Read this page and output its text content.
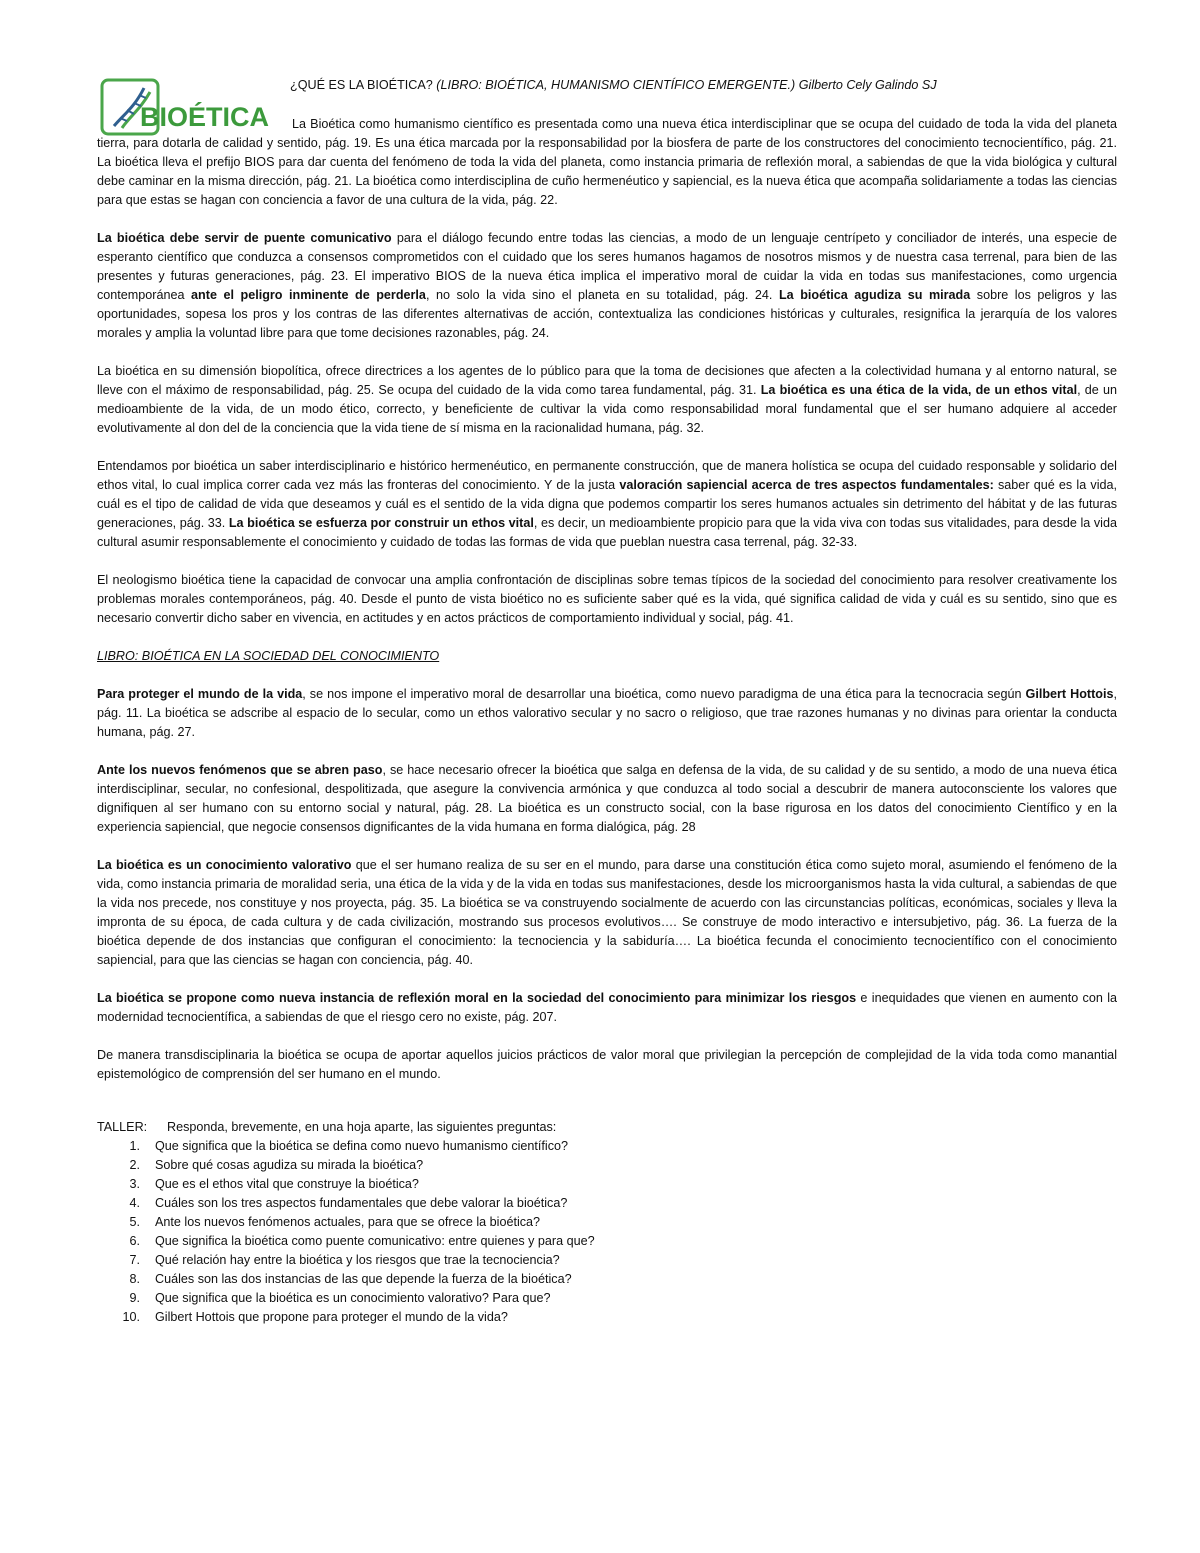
BIOÉTICA
¿QUÉ ES LA BIOÉTICA? (LIBRO: BIOÉTICA, HUMANISMO CIENTÍFICO EMERGENTE.) Gilberto Cely Galindo SJ

La Bioética como humanismo científico es presentada como una nueva ética interdisciplinar que se ocupa del cuidado de toda la vida del planeta tierra, para dotarla de calidad y sentido, pág. 19. Es una ética marcada por la responsabilidad por la biosfera de parte de los constructores del conocimiento tecnocientífico, pág. 21. La bioética lleva el prefijo BIOS para dar cuenta del fenómeno de toda la vida del planeta, como instancia primaria de reflexión moral, a sabiendas de que la vida biológica y cultural debe caminar en la misma dirección, pág. 21. La bioética como interdisciplina de cuño hermenéutico y sapiencial, es la nueva ética que acompaña solidariamente a todas las ciencias para que estas se hagan con conciencia a favor de una cultura de la vida, pág. 22.

La bioética debe servir de puente comunicativo para el diálogo fecundo entre todas las ciencias, a modo de un lenguaje centrípeto y conciliador de interés, una especie de esperanto científico que conduzca a consensos comprometidos con el cuidado que los seres humanos hagamos de nosotros mismos y de nuestra casa terrenal, para bien de las presentes y futuras generaciones, pág. 23. El imperativo BIOS de la nueva ética implica el imperativo moral de cuidar la vida en todas sus manifestaciones, como urgencia contemporánea ante el peligro inminente de perderla, no solo la vida sino el planeta en su totalidad, pág. 24. La bioética agudiza su mirada sobre los peligros y las oportunidades, sopesa los pros y los contras de las diferentes alternativas de acción, contextualiza las condiciones históricas y culturales, resignifica la jerarquía de los valores morales y amplia la voluntad libre para que tome decisiones razonables, pág. 24.

La bioética en su dimensión biopolítica, ofrece directrices a los agentes de lo público para que la toma de decisiones que afecten a la colectividad humana y al entorno natural, se lleve con el máximo de responsabilidad, pág. 25. Se ocupa del cuidado de la vida como tarea fundamental, pág. 31. La bioética es una ética de la vida, de un ethos vital, de un medioambiente de la vida, de un modo ético, correcto, y beneficiente de cultivar la vida como responsabilidad moral fundamental que el ser humano adquiere al acceder evolutivamente al don del de la conciencia que la vida tiene de sí misma en la racionalidad humana, pág. 32.

Entendamos por bioética un saber interdisciplinario e histórico hermenéutico, en permanente construcción, que de manera holística se ocupa del cuidado responsable y solidario del ethos vital, lo cual implica correr cada vez más las fronteras del conocimiento. Y de la justa valoración sapiencial acerca de tres aspectos fundamentales: saber qué es la vida, cuál es el tipo de calidad de vida que deseamos y cuál es el sentido de la vida digna que podemos compartir los seres humanos actuales sin detrimento del hábitat y de las futuras generaciones, pág. 33. La bioética se esfuerza por construir un ethos vital, es decir, un medioambiente propicio para que la vida viva con todas sus vitalidades, para desde la vida cultural asumir responsablemente el conocimiento y cuidado de todas las formas de vida que pueblan nuestra casa terrenal, pág. 32-33.

El neologismo bioética tiene la capacidad de convocar una amplia confrontación de disciplinas sobre temas típicos de la sociedad del conocimiento para resolver creativamente los problemas morales contemporáneos, pág. 40. Desde el punto de vista bioético no es suficiente saber qué es la vida, qué significa calidad de vida y cuál es su sentido, sino que es necesario convertir dicho saber en vivencia, en actitudes y en actos prácticos de comportamiento individual y social, pág. 41.

LIBRO: BIOÉTICA EN LA SOCIEDAD DEL CONOCIMIENTO

Para proteger el mundo de la vida, se nos impone el imperativo moral de desarrollar una bioética, como nuevo paradigma de una ética para la tecnocracia según Gilbert Hottois, pág. 11. La bioética se adscribe al espacio de lo secular, como un ethos valorativo secular y no sacro o religioso, que trae razones humanas y no divinas para orientar la conducta humana, pág. 27.

Ante los nuevos fenómenos que se abren paso, se hace necesario ofrecer la bioética que salga en defensa de la vida, de su calidad y de su sentido, a modo de una nueva ética interdisciplinar, secular, no confesional, despolitizada, que asegure la convivencia armónica y que conduzca al todo social a descubrir de manera autoconsciente los valores que dignifiquen al ser humano con su entorno social y natural, pág. 28. La bioética es un constructo social, con la base rigurosa en los datos del conocimiento Científico y en la experiencia sapiencial, que negocie consensos dignificantes de la vida humana en forma dialógica, pág. 28

La bioética es un conocimiento valorativo que el ser humano realiza de su ser en el mundo, para darse una constitución ética como sujeto moral, asumiendo el fenómeno de la vida, como instancia primaria de moralidad seria, una ética de la vida y de la vida en todas sus manifestaciones, desde los microorganismos hasta la vida cultural, a sabiendas de que la vida nos precede, nos constituye y nos proyecta, pág. 35. La bioética se va construyendo socialmente de acuerdo con las circunstancias políticas, económicas, sociales y lleva la impronta de su época, de cada cultura y de cada civilización, mostrando sus procesos evolutivos…. Se construye de modo interactivo e intersubjetivo, pág. 36. La fuerza de la bioética depende de dos instancias que configuran el conocimiento: la tecnociencia y la sabiduría…. La bioética fecunda el conocimiento tecnocientífico con el conocimiento sapiencial, para que las ciencias se hagan con conciencia, pág. 40.

La bioética se propone como nueva instancia de reflexión moral en la sociedad del conocimiento para minimizar los riesgos e inequidades que vienen en aumento con la modernidad tecnocientífica, a sabiendas de que el riesgo cero no existe, pág. 207.

De manera transdisciplinaria la bioética se ocupa de aportar aquellos juicios prácticos de valor moral que privilegian la percepción de complejidad de la vida toda como manantial epistemológico de comprensión del ser humano en el mundo.

TALLER:	Responda, brevemente, en una hoja aparte, las siguientes preguntas:
1.	Que significa que la bioética se defina como nuevo humanismo científico?
2.	Sobre qué cosas agudiza su mirada la bioética?
3.	Que es el ethos vital que construye la bioética?
4.	Cuáles son los tres aspectos fundamentales que debe valorar la bioética?
5.	Ante los nuevos fenómenos actuales, para que se ofrece la bioética?
6.	Que significa la bioética como puente comunicativo: entre quienes y para que?
7.	Qué relación hay entre la bioética y los riesgos que trae la tecnociencia?
8.	Cuáles son las dos instancias de las que depende la fuerza de la bioética?
9.	Que significa que la bioética es un conocimiento valorativo? Para que?
10.	Gilbert Hottois que propone para proteger el mundo de la vida?
